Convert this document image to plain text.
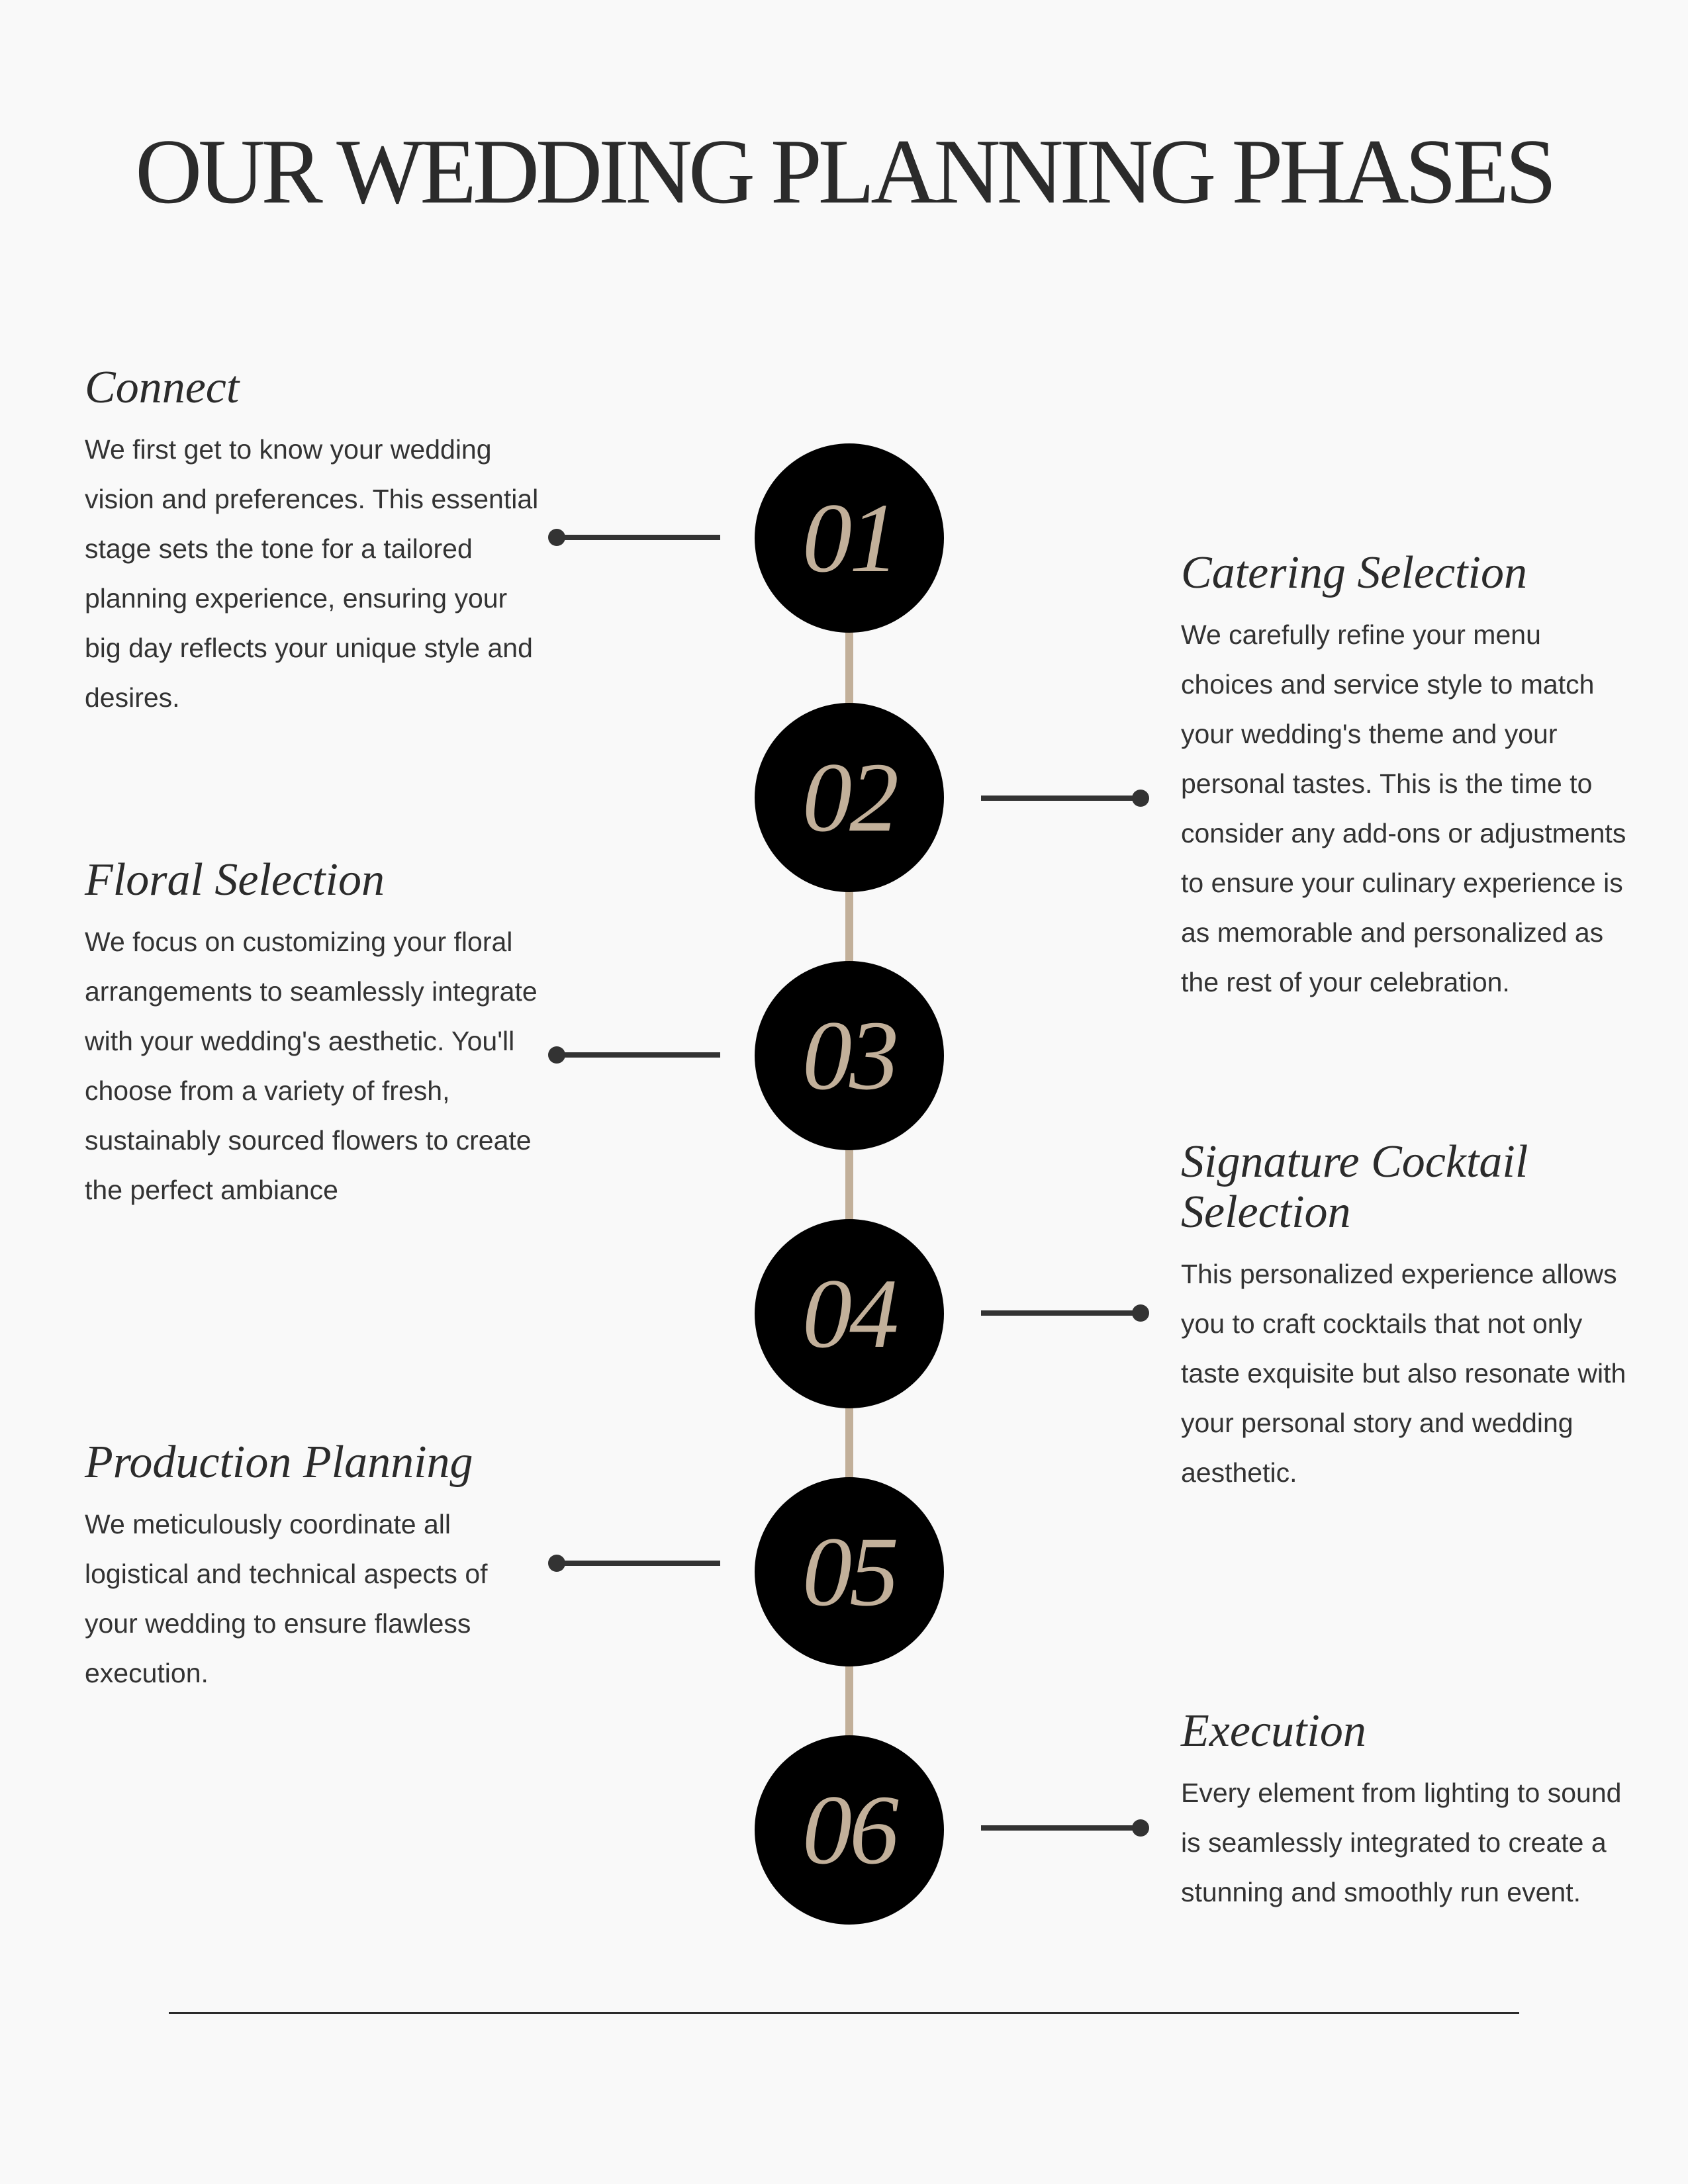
OUR WEDDING PLANNING PHASES
01
02
03
04
05
06
Connect

We first get to know your wedding vision and preferences. This essential stage sets the tone for a tailored planning experience, ensuring your big day reflects your unique style and desires.

Catering Selection

We carefully refine your menu choices and service style to match your wedding's theme and your personal tastes. This is the time to consider any add-ons or adjustments to ensure your culinary experience is as memorable and personalized as the rest of your celebration.

Floral Selection

We focus on customizing your floral arrangements to seamlessly integrate with your wedding's aesthetic. You'll choose from a variety of fresh, sustainably sourced flowers to create the perfect ambiance

Signature Cocktail Selection

This personalized experience allows you to craft cocktails that not only taste exquisite but also resonate with your personal story and wedding aesthetic.

Production Planning

We meticulously coordinate all logistical and technical aspects of your wedding to ensure flawless execution.

Execution

Every element from lighting to sound is seamlessly integrated to create a stunning and smoothly run event.
